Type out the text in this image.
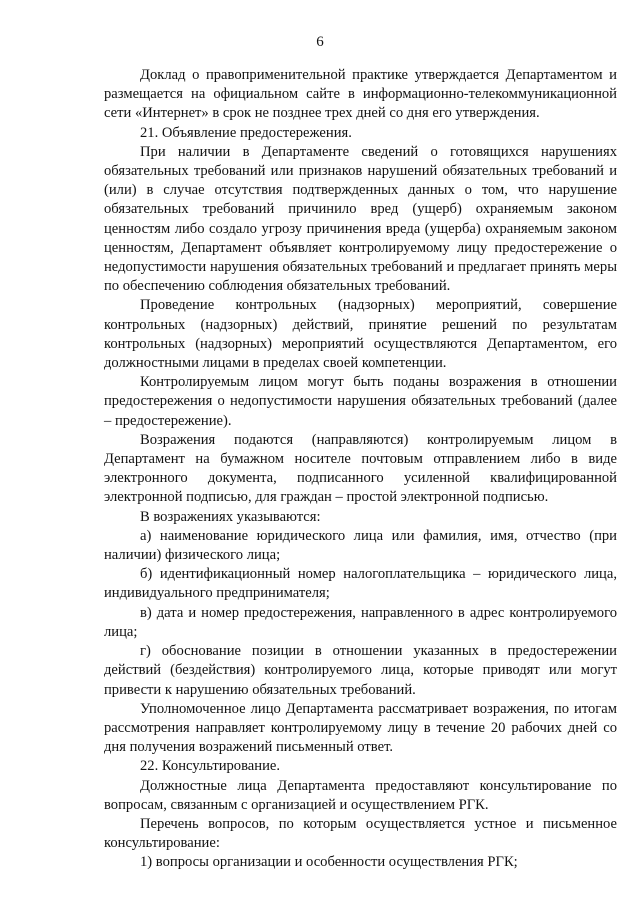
6

Доклад о правоприменительной практике утверждается Департаментом и размещается на официальном сайте в информационно-телекоммуникационной сети «Интернет» в срок не позднее трех дней со дня его утверждения.

21. Объявление предостережения.

При наличии в Департаменте сведений о готовящихся нарушениях обязательных требований или признаков нарушений обязательных требований и (или) в случае отсутствия подтвержденных данных о том, что нарушение обязательных требований причинило вред (ущерб) охраняемым законом ценностям либо создало угрозу причинения вреда (ущерба) охраняемым законом ценностям, Департамент объявляет контролируемому лицу предостережение о недопустимости нарушения обязательных требований и предлагает принять меры по обеспечению соблюдения обязательных требований.

Проведение контрольных (надзорных) мероприятий, совершение контрольных (надзорных) действий, принятие решений по результатам контрольных (надзорных) мероприятий осуществляются Департаментом, его должностными лицами в пределах своей компетенции.

Контролируемым лицом могут быть поданы возражения в отношении предостережения о недопустимости нарушения обязательных требований (далее – предостережение).

Возражения подаются (направляются) контролируемым лицом в Департамент на бумажном носителе почтовым отправлением либо в виде электронного документа, подписанного усиленной квалифицированной электронной подписью, для граждан – простой электронной подписью.

В возражениях указываются:

а) наименование юридического лица или фамилия, имя, отчество (при наличии) физического лица;

б) идентификационный номер налогоплательщика – юридического лица, индивидуального предпринимателя;

в) дата и номер предостережения, направленного в адрес контролируемого лица;

г) обоснование позиции в отношении указанных в предостережении действий (бездействия) контролируемого лица, которые приводят или могут привести к нарушению обязательных требований.

Уполномоченное лицо Департамента рассматривает возражения, по итогам рассмотрения направляет контролируемому лицу в течение 20 рабочих дней со дня получения возражений письменный ответ.

22. Консультирование.

Должностные лица Департамента предоставляют консультирование по вопросам, связанным с организацией и осуществлением РГК.

Перечень вопросов, по которым осуществляется устное и письменное консультирование:

1) вопросы организации и особенности осуществления РГК;
